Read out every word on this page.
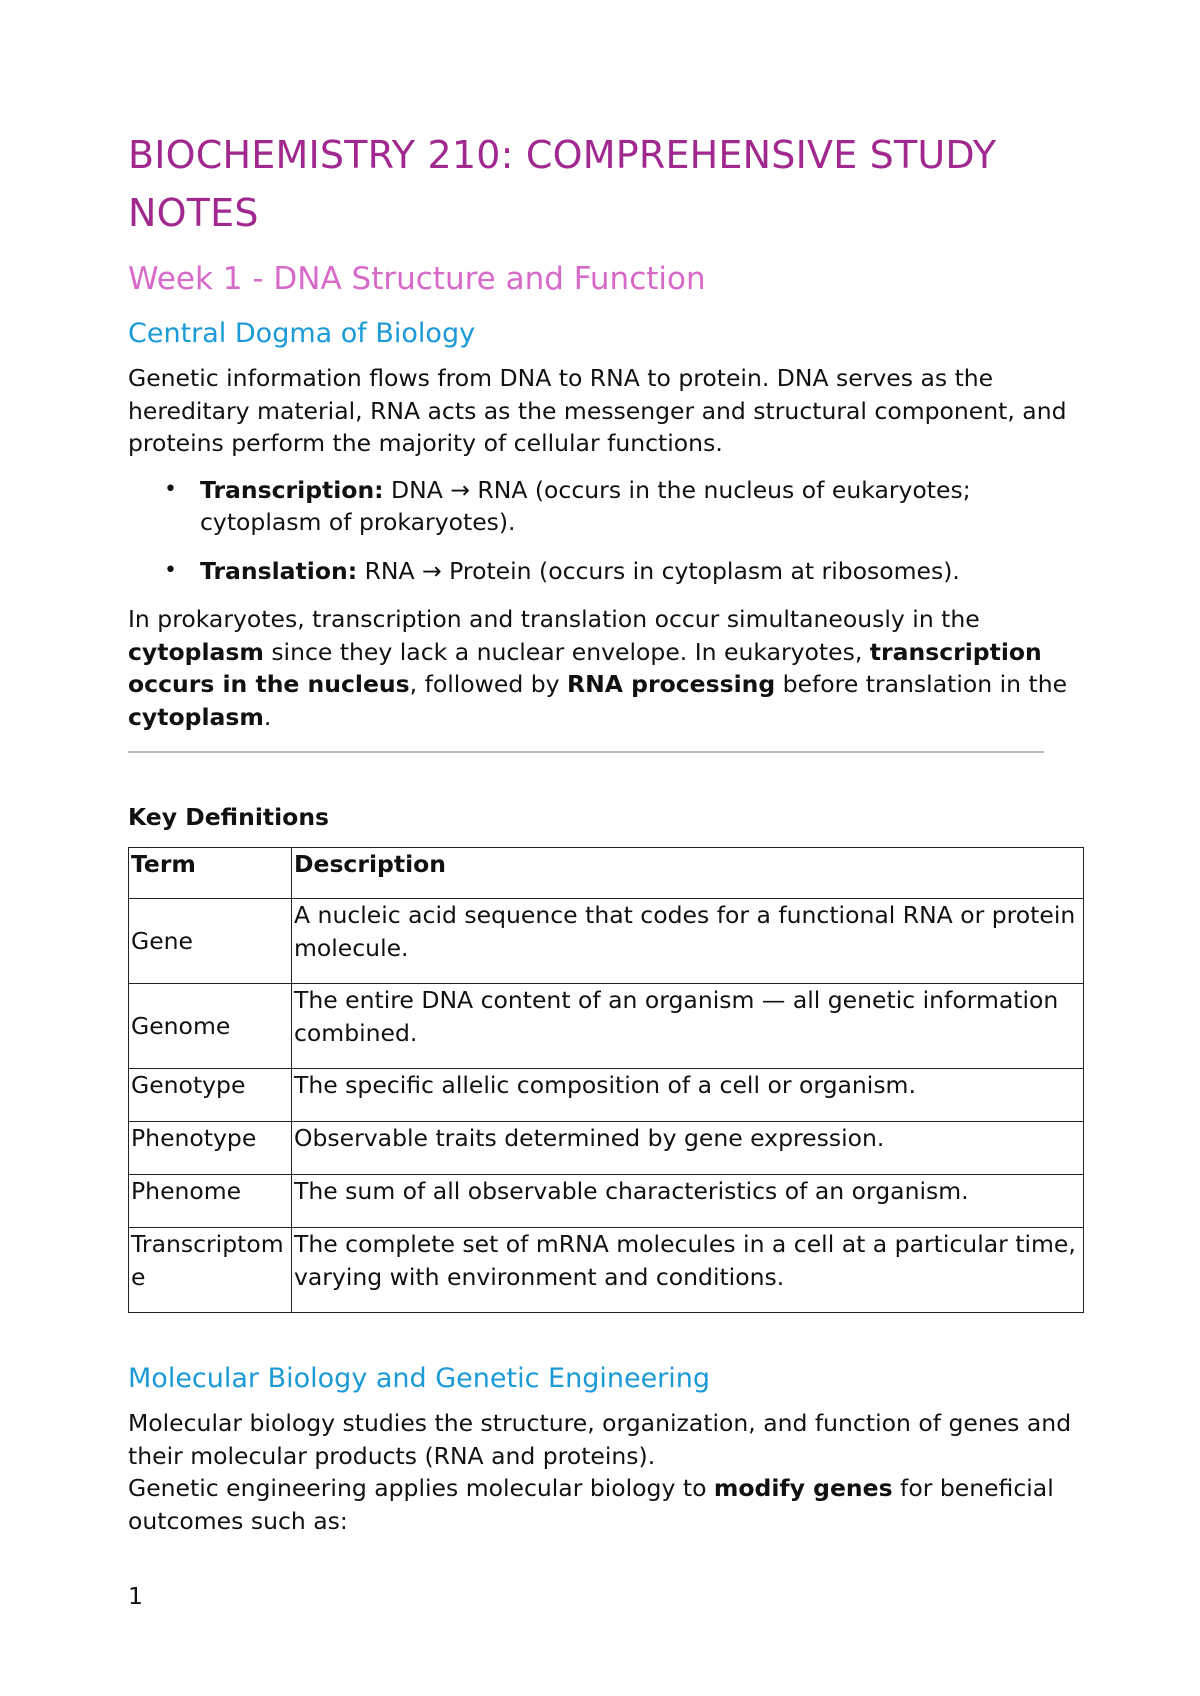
BIOCHEMISTRY 210: COMPREHENSIVE STUDY NOTES
Week 1 - DNA Structure and Function
Central Dogma of Biology

Genetic information flows from DNA to RNA to protein. DNA serves as the hereditary material, RNA acts as the messenger and structural component, and proteins perform the majority of cellular functions.

• Transcription: DNA → RNA (occurs in the nucleus of eukaryotes; cytoplasm of prokaryotes).
• Translation: RNA → Protein (occurs in cytoplasm at ribosomes).

In prokaryotes, transcription and translation occur simultaneously in the cytoplasm since they lack a nuclear envelope. In eukaryotes, transcription occurs in the nucleus, followed by RNA processing before translation in the cytoplasm.

Key Definitions
Term	Description
Gene	A nucleic acid sequence that codes for a functional RNA or protein molecule.
Genome	The entire DNA content of an organism — all genetic information combined.
Genotype	The specific allelic composition of a cell or organism.
Phenotype	Observable traits determined by gene expression.
Phenome	The sum of all observable characteristics of an organism.
Transcriptome	The complete set of mRNA molecules in a cell at a particular time, varying with environment and conditions.
Molecular Biology and Genetic Engineering

Molecular biology studies the structure, organization, and function of genes and their molecular products (RNA and proteins).

Genetic engineering applies molecular biology to modify genes for beneficial outcomes such as:

1
